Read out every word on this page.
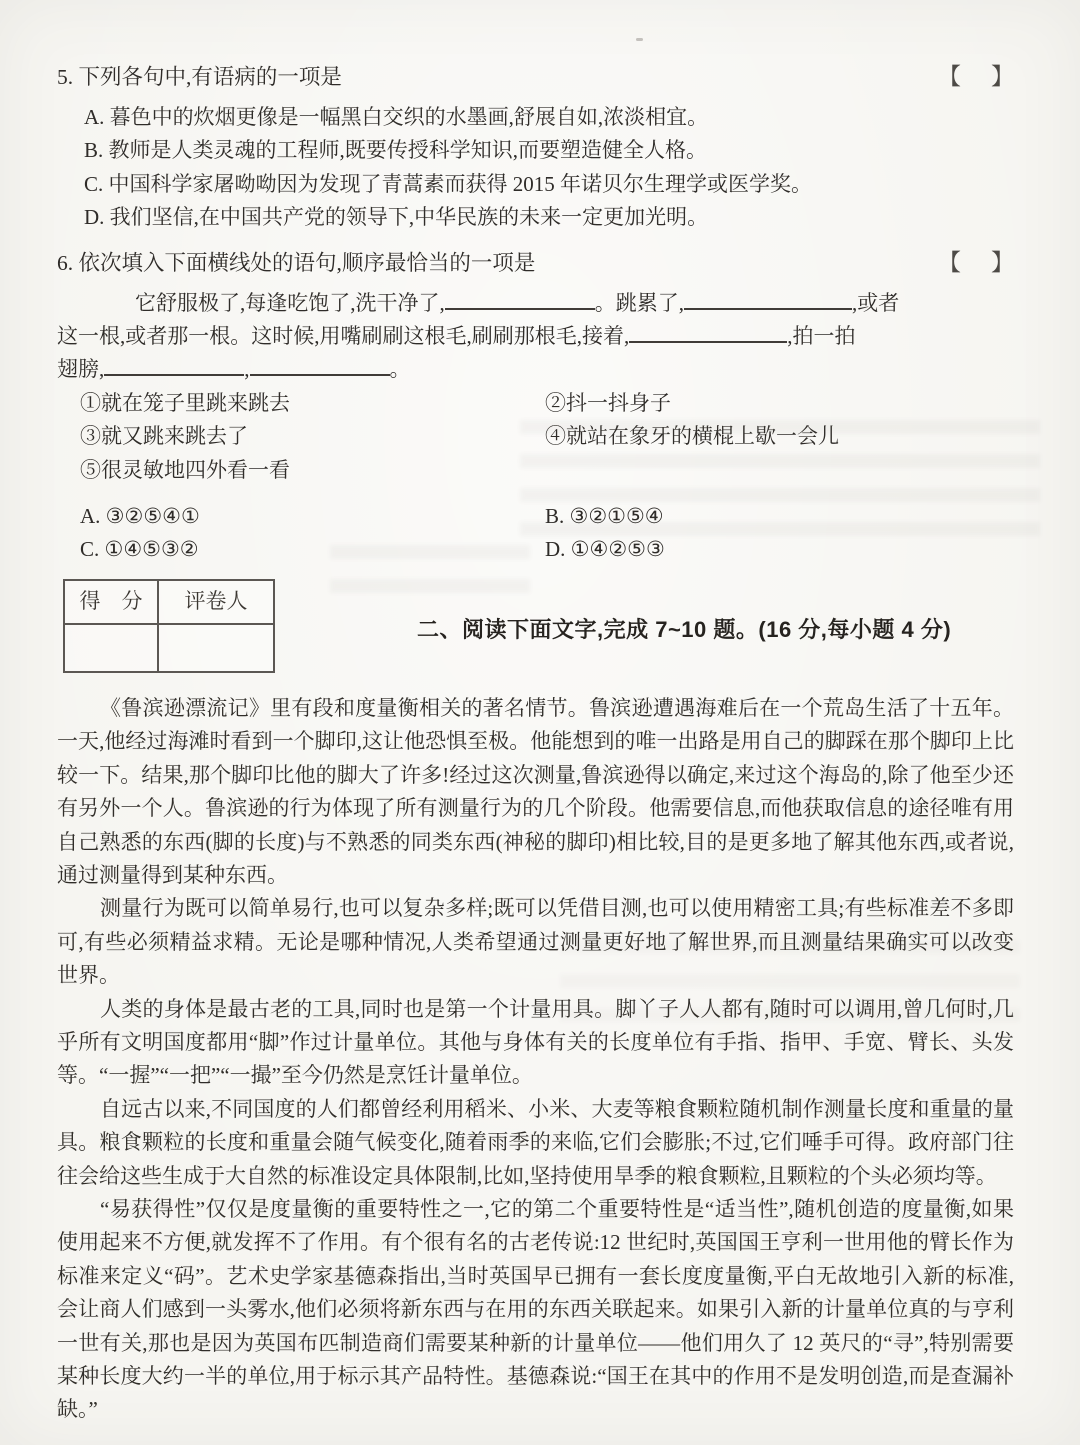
5. 下列各句中,有语病的一项是	【 】
A. 暮色中的炊烟更像是一幅黑白交织的水墨画,舒展自如,浓淡相宜。
B. 教师是人类灵魂的工程师,既要传授科学知识,而要塑造健全人格。
C. 中国科学家屠呦呦因为发现了青蒿素而获得 2015 年诺贝尔生理学或医学奖。
D. 我们坚信,在中国共产党的领导下,中华民族的未来一定更加光明。
6. 依次填入下面横线处的语句,顺序最恰当的一项是	【 】

它舒服极了,每逢吃饱了,洗干净了,	。跳累了,	,或者

这一根,或者那一根。这时候,用嘴刷刷这根毛,刷刷那根毛,接着,	,拍一拍

翅膀,	,	。

①就在笼子里跳来跳去	②抖一抖身子
③就又跳来跳去了	④就站在象牙的横棍上歇一会儿
⑤很灵敏地四外看一看
A. ③②⑤④①	B. ③②①⑤④
C. ①④⑤③②	D. ①④②⑤③
得　分	评卷人

二、阅读下面文字,完成 7~10 题。(16 分,每小题 4 分)

《鲁滨逊漂流记》里有段和度量衡相关的著名情节。鲁滨逊遭遇海难后在一个荒岛生活了十五年。一天,他经过海滩时看到一个脚印,这让他恐惧至极。他能想到的唯一出路是用自己的脚踩在那个脚印上比较一下。结果,那个脚印比他的脚大了许多!经过这次测量,鲁滨逊得以确定,来过这个海岛的,除了他至少还有另外一个人。鲁滨逊的行为体现了所有测量行为的几个阶段。他需要信息,而他获取信息的途径唯有用自己熟悉的东西(脚的长度)与不熟悉的同类东西(神秘的脚印)相比较,目的是更多地了解其他东西,或者说,通过测量得到某种东西。

测量行为既可以简单易行,也可以复杂多样;既可以凭借目测,也可以使用精密工具;有些标准差不多即可,有些必须精益求精。无论是哪种情况,人类希望通过测量更好地了解世界,而且测量结果确实可以改变世界。

人类的身体是最古老的工具,同时也是第一个计量用具。脚丫子人人都有,随时可以调用,曾几何时,几乎所有文明国度都用“脚”作过计量单位。其他与身体有关的长度单位有手指、指甲、手宽、臂长、头发等。“一握”“一把”“一撮”至今仍然是烹饪计量单位。

自远古以来,不同国度的人们都曾经利用稻米、小米、大麦等粮食颗粒随机制作测量长度和重量的量具。粮食颗粒的长度和重量会随气候变化,随着雨季的来临,它们会膨胀;不过,它们唾手可得。政府部门往往会给这些生成于大自然的标准设定具体限制,比如,坚持使用旱季的粮食颗粒,且颗粒的个头必须均等。

“易获得性”仅仅是度量衡的重要特性之一,它的第二个重要特性是“适当性”,随机创造的度量衡,如果使用起来不方便,就发挥不了作用。有个很有名的古老传说:12 世纪时,英国国王亨利一世用他的臂长作为标准来定义“码”。艺术史学家基德森指出,当时英国早已拥有一套长度度量衡,平白无故地引入新的标准,会让商人们感到一头雾水,他们必须将新东西与在用的东西关联起来。如果引入新的计量单位真的与亨利一世有关,那也是因为英国布匹制造商们需要某种新的计量单位——他们用久了 12 英尺的“寻”,特别需要某种长度大约一半的单位,用于标示其产品特性。基德森说:“国王在其中的作用不是发明创造,而是查漏补缺。”
